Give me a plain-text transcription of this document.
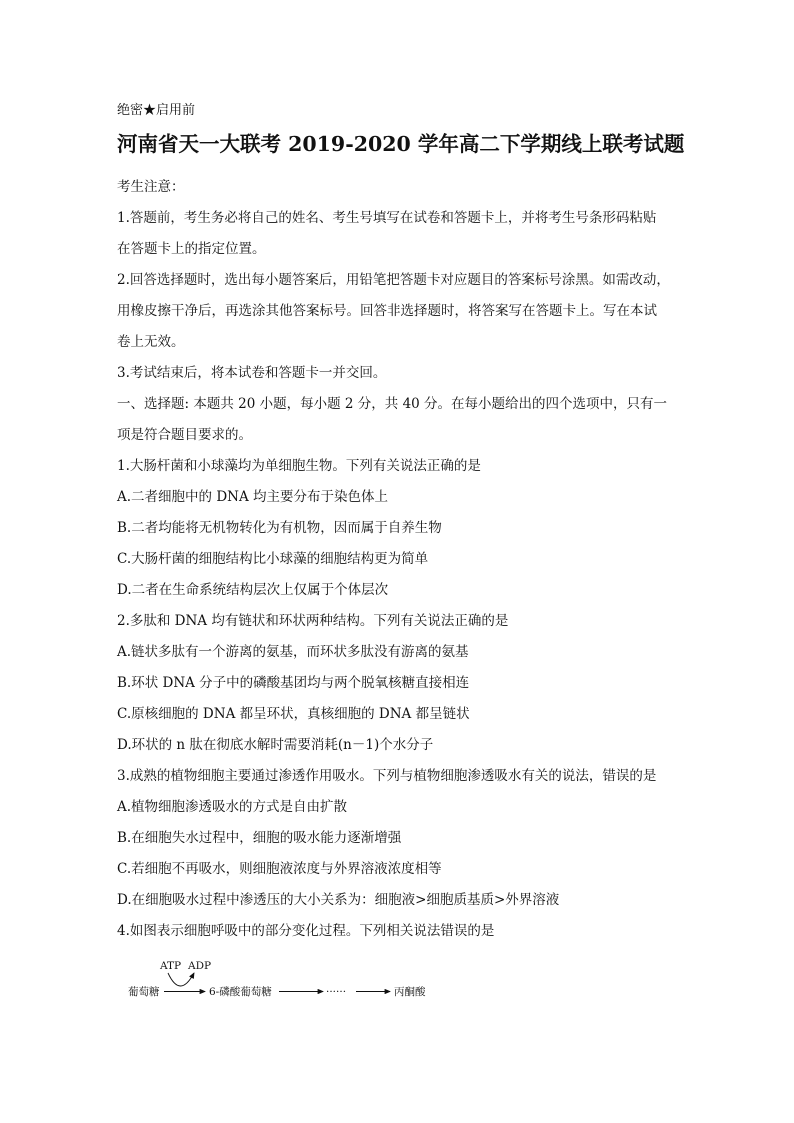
绝密★启用前
河南省天一大联考 2019-2020 学年高二下学期线上联考试题
考生注意：
1.答题前，考生务必将自己的姓名、考生号填写在试卷和答题卡上，并将考生号条形码粘贴
在答题卡上的指定位置。
2.回答选择题时，选出每小题答案后，用铅笔把答题卡对应题目的答案标号涂黑。如需改动，
用橡皮擦干净后，再选涂其他答案标号。回答非选择题时，将答案写在答题卡上。写在本试
卷上无效。
3.考试结束后，将本试卷和答题卡一并交回。
一、选择题: 本题共 20 小题，每小题 2 分，共 40 分。在每小题给出的四个选项中，只有一
项是符合题目要求的。
1.大肠杆菌和小球藻均为单细胞生物。下列有关说法正确的是
A.二者细胞中的 DNA 均主要分布于染色体上
B.二者均能将无机物转化为有机物，因而属于自养生物
C.大肠杆菌的细胞结构比小球藻的细胞结构更为简单
D.二者在生命系统结构层次上仅属于个体层次
2.多肽和 DNA 均有链状和环状两种结构。下列有关说法正确的是
A.链状多肽有一个游离的氨基，而环状多肽没有游离的氨基
B.环状 DNA 分子中的磷酸基团均与两个脱氧核糖直接相连
C.原核细胞的 DNA 都呈环状，真核细胞的 DNA 都呈链状
D.环状的 n 肽在彻底水解时需要消耗(n－1)个水分子
3.成熟的植物细胞主要通过渗透作用吸水。下列与植物细胞渗透吸水有关的说法，错误的是
A.植物细胞渗透吸水的方式是自由扩散
B.在细胞失水过程中，细胞的吸水能力逐渐增强
C.若细胞不再吸水，则细胞液浓度与外界溶液浓度相等
D.在细胞吸水过程中渗透压的大小关系为：细胞液>细胞质基质>外界溶液
4.如图表示细胞呼吸中的部分变化过程。下列相关说法错误的是
ATP ADP
葡萄糖	6-磷酸葡萄糖	······	丙酮酸
